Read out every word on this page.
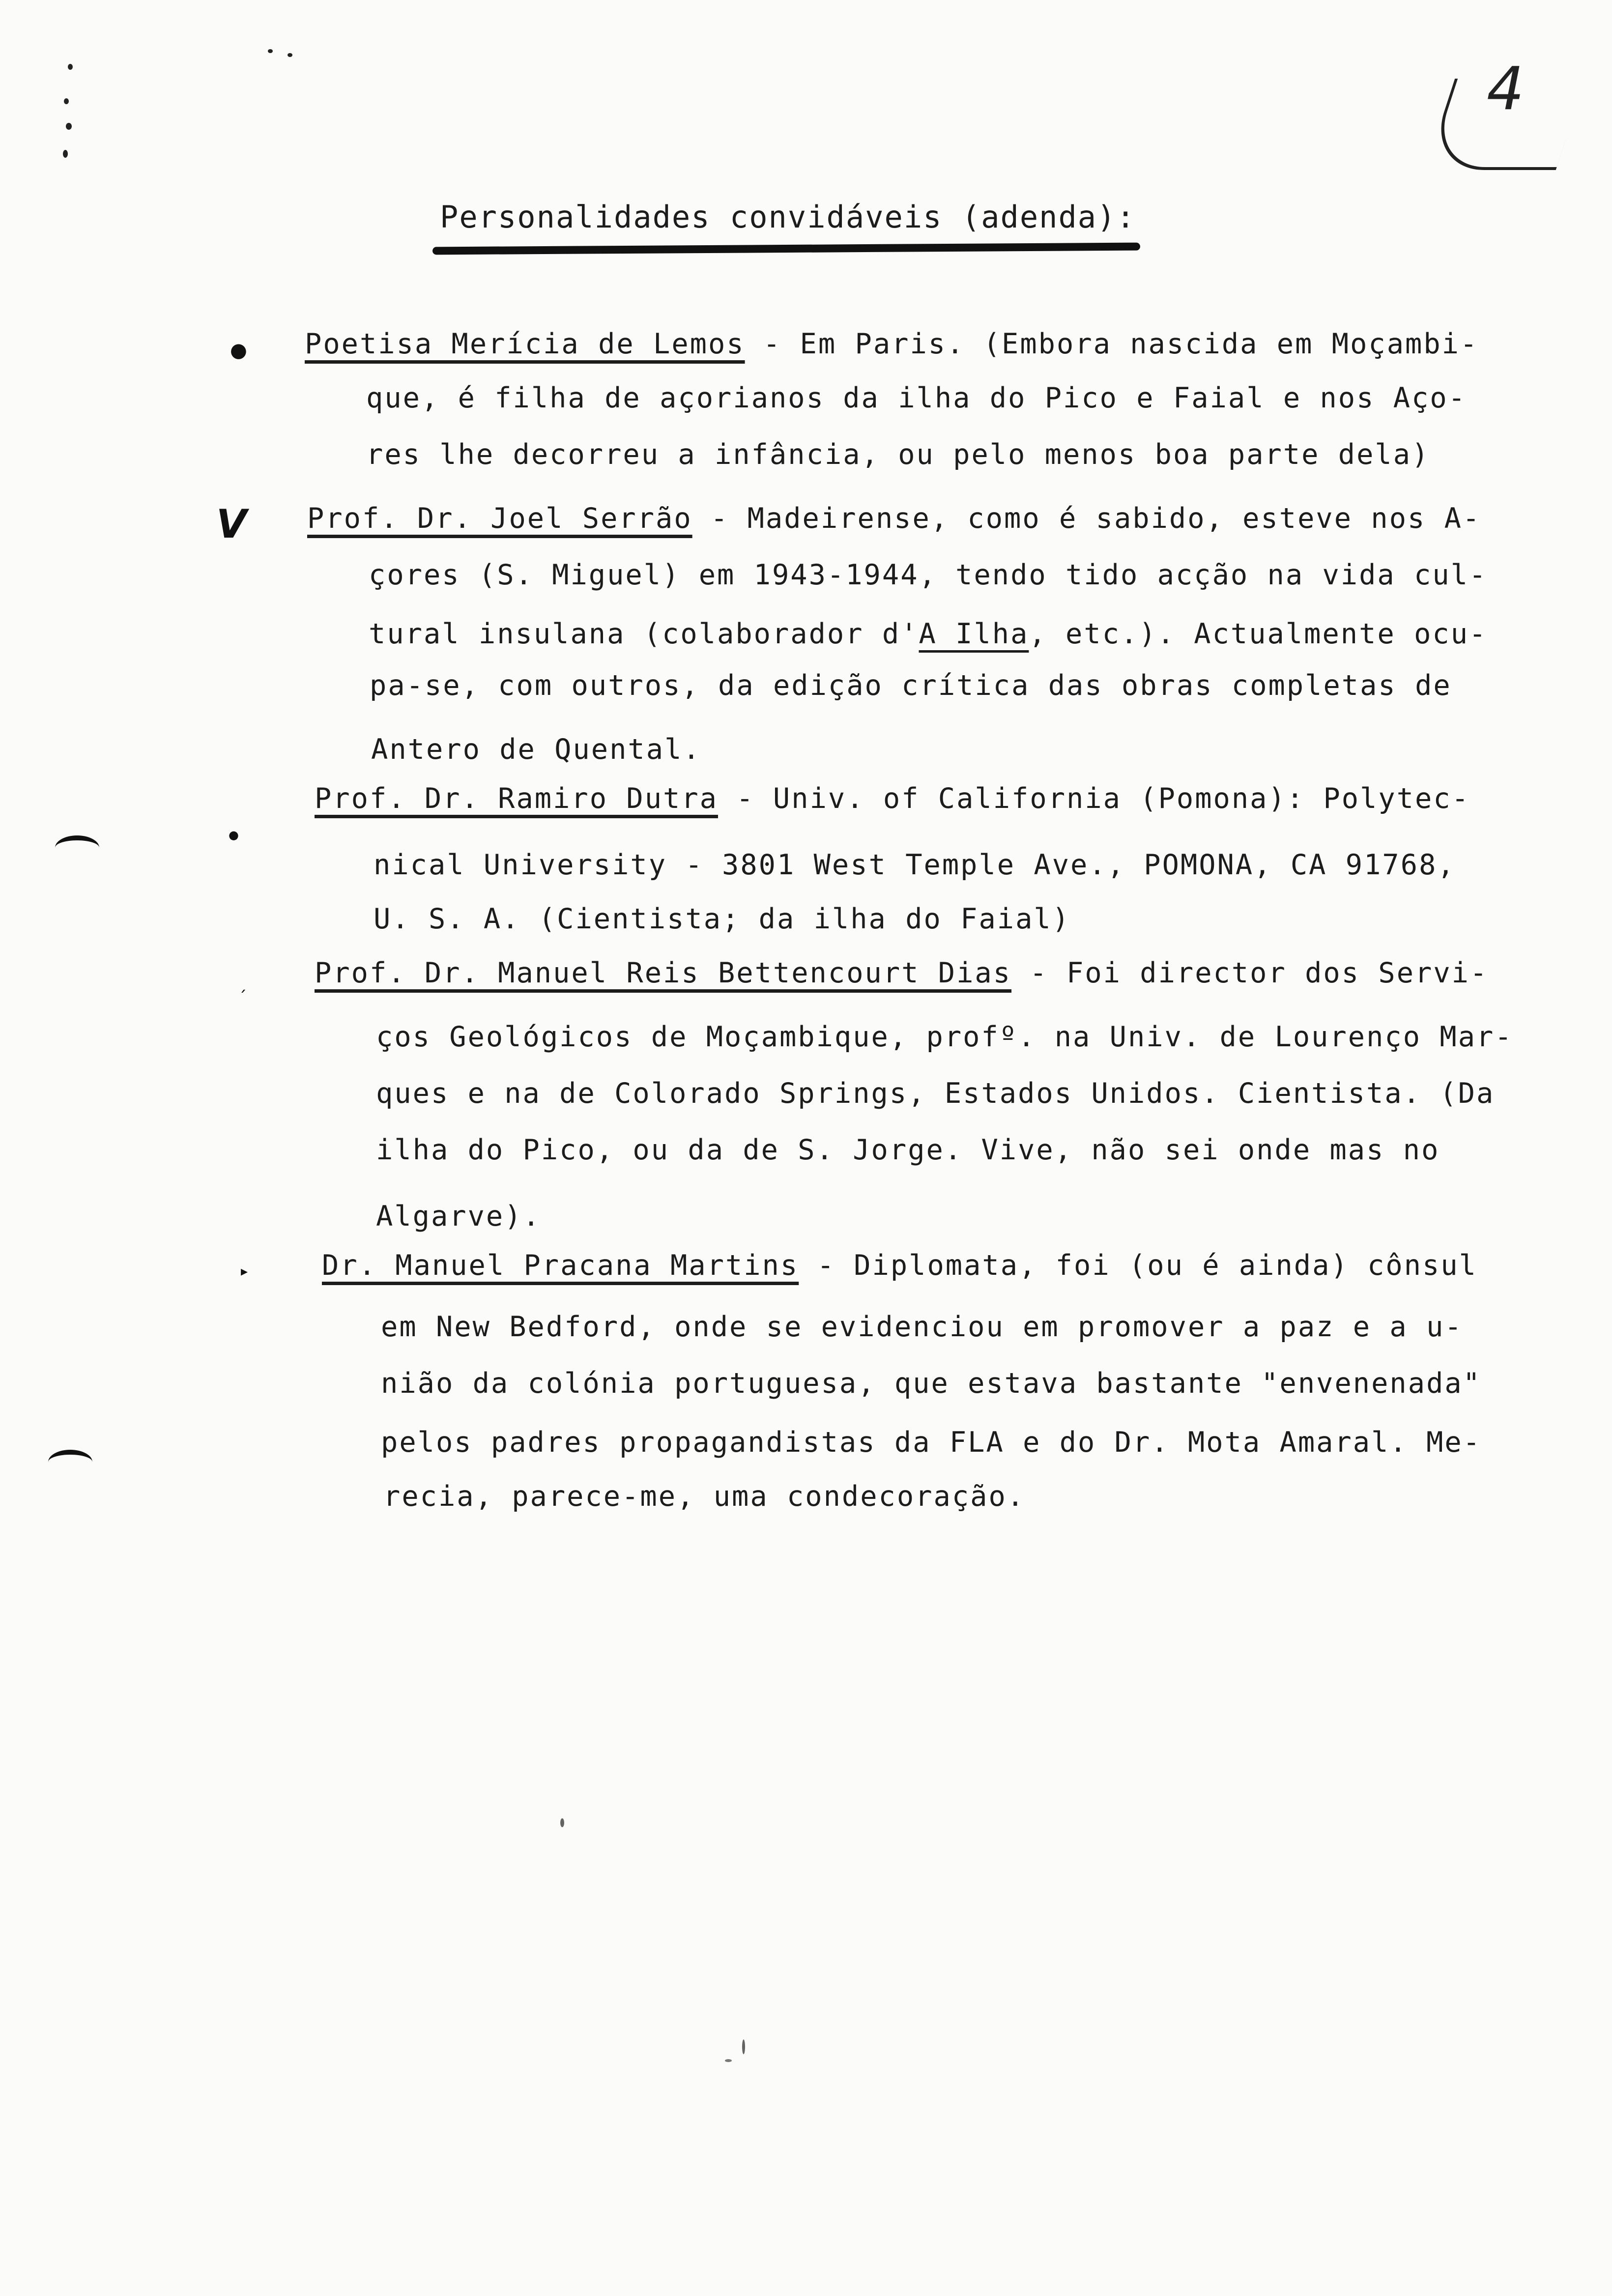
●
V
●
ˊ
▸
4
Personalidades convidáveis (adenda):
Poetisa Merícia de Lemos - Em Paris. (Embora nascida em Moçambi-
que, é filha de açorianos da ilha do Pico e Faial e nos Aço-
res lhe decorreu a infância, ou pelo menos boa parte dela)
Prof. Dr. Joel Serrão - Madeirense, como é sabido, esteve nos A-
çores (S. Miguel) em 1943-1944, tendo tido acção na vida cul-
tural insulana (colaborador d'A Ilha, etc.). Actualmente ocu-
pa-se, com outros, da edição crítica das obras completas de
Antero de Quental.
Prof. Dr. Ramiro Dutra - Univ. of California (Pomona): Polytec-
nical University - 3801 West Temple Ave., POMONA, CA 91768,
U. S. A. (Cientista; da ilha do Faial)
Prof. Dr. Manuel Reis Bettencourt Dias - Foi director dos Servi-
ços Geológicos de Moçambique, profº. na Univ. de Lourenço Mar-
ques e na de Colorado Springs, Estados Unidos. Cientista. (Da
ilha do Pico, ou da de S. Jorge. Vive, não sei onde mas no
Algarve).
Dr. Manuel Pracana Martins - Diplomata, foi (ou é ainda) cônsul
em New Bedford, onde se evidenciou em promover a paz e a u-
nião da colónia portuguesa, que estava bastante "envenenada"
pelos padres propagandistas da FLA e do Dr. Mota Amaral. Me-
recia, parece-me, uma condecoração.
